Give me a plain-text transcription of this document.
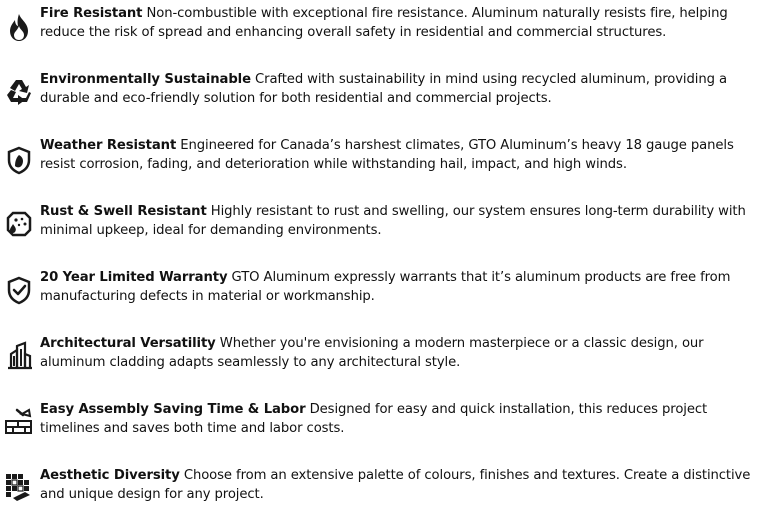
Fire Resistant Non-combustible with exceptional fire resistance. Aluminum naturally resists fire, helping reduce the risk of spread and enhancing overall safety in residential and commercial structures.
Environmentally Sustainable Crafted with sustainability in mind using recycled aluminum, providing a durable and eco-friendly solution for both residential and commercial projects.
Weather Resistant Engineered for Canada’s harshest climates, GTO Aluminum’s heavy 18 gauge panels resist corrosion, fading, and deterioration while withstanding hail, impact, and high winds.
Rust & Swell Resistant Highly resistant to rust and swelling, our system ensures long-term durability with minimal upkeep, ideal for demanding environments.
20 Year Limited Warranty GTO Aluminum expressly warrants that it’s aluminum products are free from manufacturing defects in material or workmanship.
Architectural Versatility Whether you're envisioning a modern masterpiece or a classic design, our aluminum cladding adapts seamlessly to any architectural style.
Easy Assembly Saving Time & Labor Designed for easy and quick installation, this reduces project timelines and saves both time and labor costs.
Aesthetic Diversity Choose from an extensive palette of colours, finishes and textures. Create a distinctive and unique design for any project.
